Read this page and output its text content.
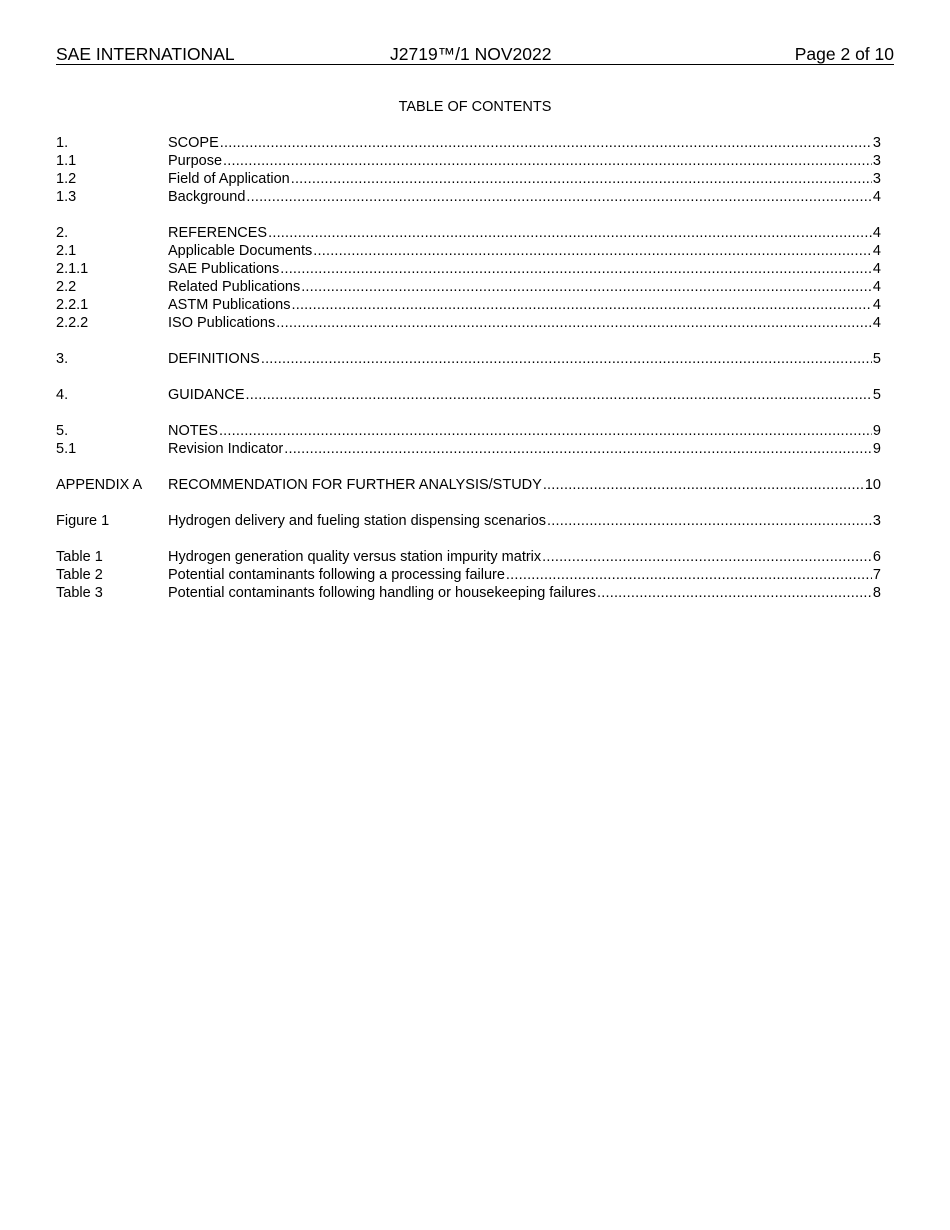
SAE INTERNATIONAL	J2719™/1 NOV2022	Page 2 of 10
TABLE OF CONTENTS
1.	SCOPE .....	3
1.1	Purpose .....	3
1.2	Field of Application .....	3
1.3	Background .....	4
2.	REFERENCES .....	4
2.1	Applicable Documents .....	4
2.1.1	SAE Publications .....	4
2.2	Related Publications .....	4
2.2.1	ASTM Publications .....	4
2.2.2	ISO Publications .....	4
3.	DEFINITIONS .....	5
4.	GUIDANCE .....	5
5.	NOTES .....	9
5.1	Revision Indicator .....	9
APPENDIX A	RECOMMENDATION FOR FURTHER ANALYSIS/STUDY .....	10
Figure 1	Hydrogen delivery and fueling station dispensing scenarios .....	3
Table 1	Hydrogen generation quality versus station impurity matrix .....	6
Table 2	Potential contaminants following a processing failure .....	7
Table 3	Potential contaminants following handling or housekeeping failures .....	8
